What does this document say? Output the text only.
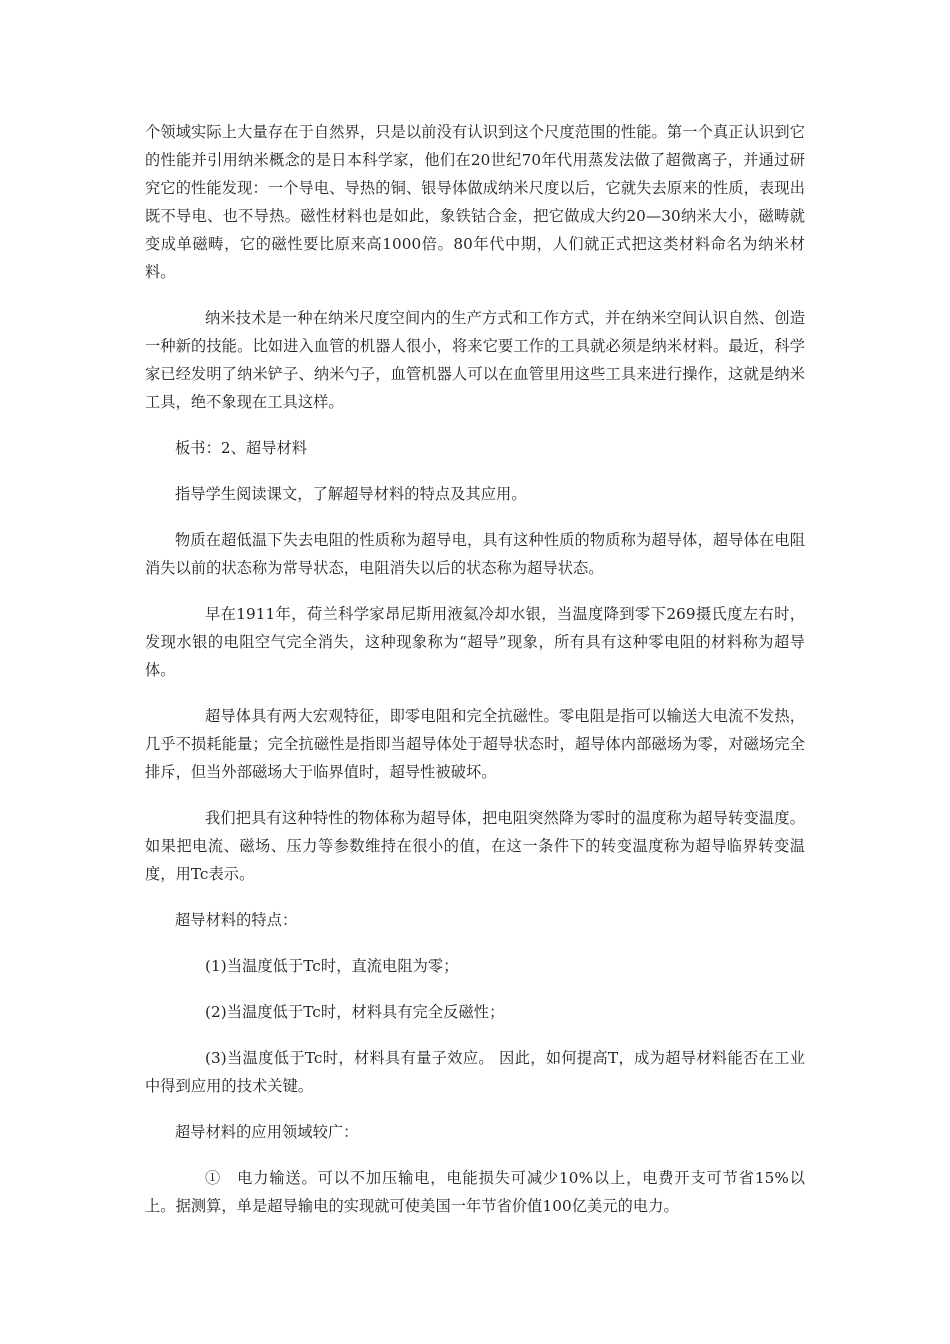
个领域实际上大量存在于自然界，只是以前没有认识到这个尺度范围的性能。第一个真正认识到它的性能并引用纳米概念的是日本科学家，他们在20世纪70年代用蒸发法做了超微离子，并通过研究它的性能发现：一个导电、导热的铜、银导体做成纳米尺度以后，它就失去原来的性质，表现出既不导电、也不导热。磁性材料也是如此，象铁钴合金，把它做成大约20—30纳米大小，磁畴就变成单磁畴，它的磁性要比原来高1000倍。80年代中期，人们就正式把这类材料命名为纳米材料。

纳米技术是一种在纳米尺度空间内的生产方式和工作方式，并在纳米空间认识自然、创造一种新的技能。比如进入血管的机器人很小，将来它要工作的工具就必须是纳米材料。最近，科学家已经发明了纳米铲子、纳米勺子，血管机器人可以在血管里用这些工具来进行操作，这就是纳米工具，绝不象现在工具这样。

板书：2、超导材料

指导学生阅读课文，了解超导材料的特点及其应用。

物质在超低温下失去电阻的性质称为超导电，具有这种性质的物质称为超导体，超导体在电阻消失以前的状态称为常导状态，电阻消失以后的状态称为超导状态。

早在1911年，荷兰科学家昂尼斯用液氦冷却水银，当温度降到零下269摄氏度左右时，发现水银的电阻空气完全消失，这种现象称为“超导”现象，所有具有这种零电阻的材料称为超导体。

超导体具有两大宏观特征，即零电阻和完全抗磁性。零电阻是指可以输送大电流不发热，几乎不损耗能量；完全抗磁性是指即当超导体处于超导状态时，超导体内部磁场为零，对磁场完全排斥，但当外部磁场大于临界值时，超导性被破坏。

我们把具有这种特性的物体称为超导体，把电阻突然降为零时的温度称为超导转变温度。如果把电流、磁场、压力等参数维持在很小的值，在这一条件下的转变温度称为超导临界转变温度，用Tc表示。

超导材料的特点：

(1)当温度低于Tc时，直流电阻为零；

(2)当温度低于Tc时，材料具有完全反磁性；

(3)当温度低于Tc时，材料具有量子效应。 因此，如何提高T，成为超导材料能否在工业中得到应用的技术关键。

超导材料的应用领域较广：

①　电力输送。可以不加压输电，电能损失可减少10%以上，电费开支可节省15%以上。据测算，单是超导输电的实现就可使美国一年节省价值100亿美元的电力。
